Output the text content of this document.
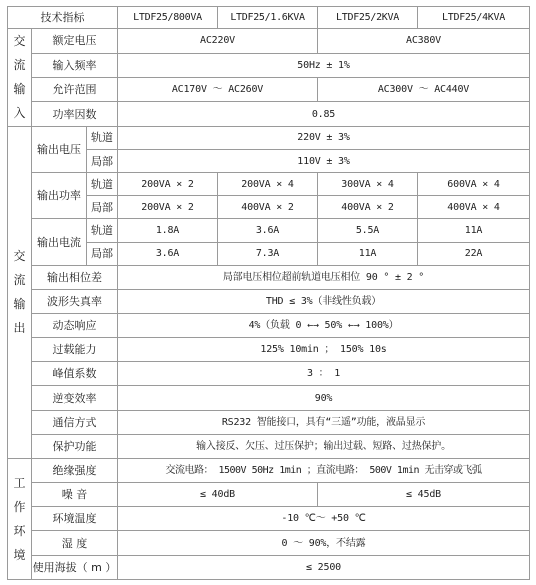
技术指标			LTDF25/800VA	LTDF25/1.6KVA	LTDF25/2KVA	LTDF25/4KVA

交
流
输
入	额定电压		AC220V		AC380V	
	输入频率		50Hz ± 1%			
	允许范围		AC170V ～ AC260V		AC300V ～ AC440V	
	功率因数		0.85			

交
流
输
出	输出电压	轨道	220V ± 3%			
		局部	110V ± 3%			
	输出功率	轨道	200VA × 2	200VA × 4	300VA × 4	600VA × 4
		局部	200VA × 2	400VA × 2	400VA × 2	400VA × 4
	输出电流	轨道	1.8A	3.6A	5.5A	11A
		局部	3.6A	7.3A	11A	22A
	输出相位差		局部电压相位超前轨道电压相位 90 ° ± 2 °			
	波形失真率		THD ≤ 3%（非线性负载）			
	动态响应		4%（负载 0 ←→ 50% ←→ 100%）			
	过载能力		125% 10min ； 150% 10s			
	峰值系数		3 ： 1			
	逆变效率		90%			
	通信方式		RS232 智能接口，具有“三遥”功能，液晶显示			
	保护功能		输入接反、欠压、过压保护；输出过载、短路、过热保护。			

工
作
环
境	绝缘强度		交流电路： 1500V 50Hz 1min ；直流电路： 500V 1min 无击穿或飞弧			
	噪 音		≤ 40dB		≤ 45dB	
	环境温度		-10 ℃～ +50 ℃			
	湿 度		0 ～ 90%，不结露			
	使用海拔（ m ）		≤ 2500			
